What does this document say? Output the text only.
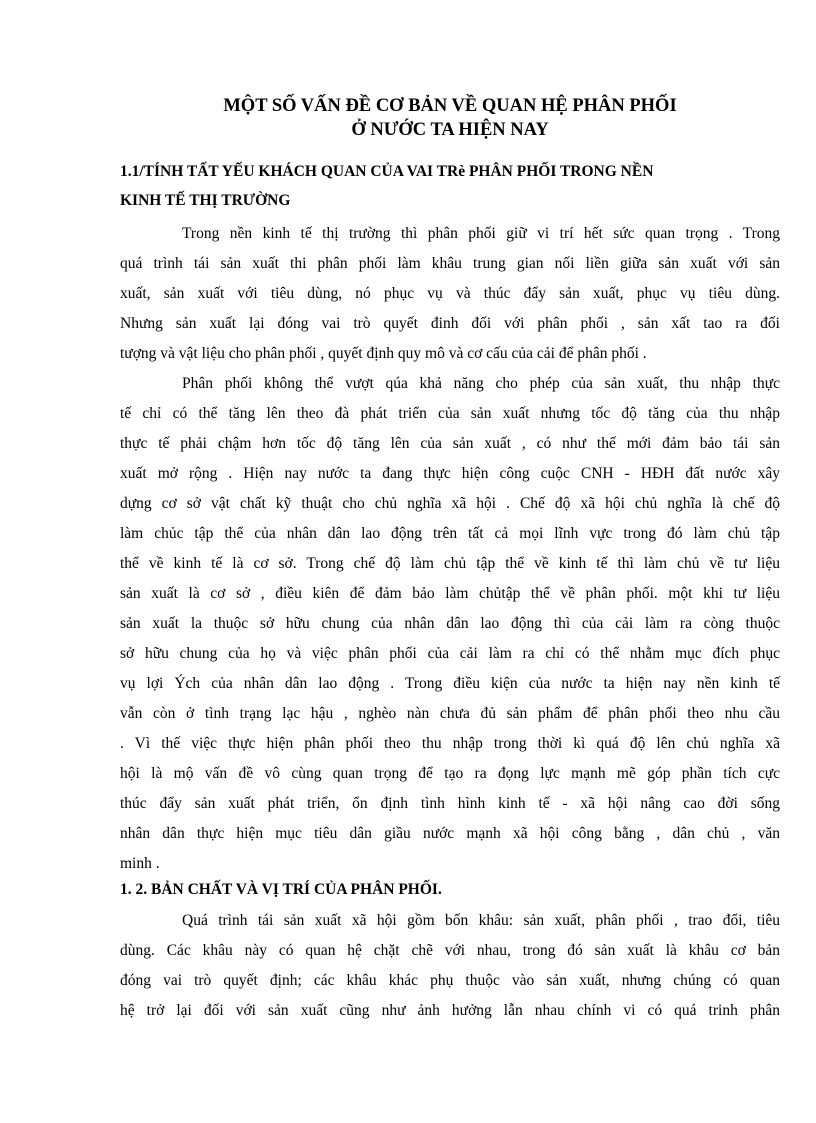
MỘT SỐ VẤN ĐỀ CƠ BẢN VỀ QUAN HỆ PHÂN PHỐI
Ở NƯỚC TA HIỆN NAY
1.1/TÍNH TẤT YẾU KHÁCH QUAN CỦA VAI TRè PHÂN PHỐI TRONG NỀN
KINH TẾ THỊ TRƯỜNG

Trong nền kinh tế thị trường thì phân phối giữ vi trí hết sức quan trọng . Trong

quá trình tái sản xuất thi phân phối làm khâu trung gian nối liền giữa sản xuất với sản

xuất, sản xuất với tiêu dùng, nó phục vụ và thúc đẩy sản xuất, phục vụ tiêu dùng.

Nhưng sản xuất lại đóng vai trò quyết đinh đối với phân phối , sản xất tao ra đối

tượng và vật liệu cho phân phối , quyết định quy mô và cơ cấu của cải để phân phối .

Phân phối không thể vượt qúa khả năng cho phép của sản xuất, thu nhập thực

tế chỉ có thể tăng lên theo đà phát triển của sản xuất nhưng tốc độ tăng của thu nhập

thực tế phải chậm hơn tốc độ tăng lên của sản xuất , có như thế mới đảm bảo tái sản

xuất mở rộng . Hiện nay nước ta đang thực hiện công cuộc CNH - HĐH đất nước xây

dựng cơ sở vật chất kỹ thuật cho chủ nghĩa xã hội . Chế độ xã hội chủ nghĩa là chế độ

làm chủc tập thể của nhân dân lao động trên tất cả mọi lĩnh vực trong đó làm chủ tập

thể về kinh tế là cơ sở. Trong chế độ làm chủ tập thể về kinh tế thì làm chủ về tư liệu

sản xuất là cơ sở , điều kiên để đảm bảo làm chủtập thể về phân phối. một khi tư liệu

sản xuất la thuộc sở hữu chung của nhân dân lao động thì của cải làm ra còng thuộc

sở hữu chung của họ và việc phân phối của cải làm ra chỉ có thể nhằm mục đích phục

vụ lợi Ých của nhân dân lao động . Trong điều kiện của nước ta hiện nay nền kinh tế

vẫn còn ở tình trạng lạc hậu , nghèo nàn chưa đủ sản phẩm để phân phối theo nhu cầu

. Vì thế việc thực hiện phân phối theo thu nhập trong thời kì quá độ lên chủ nghĩa xã

hội là mộ vấn đề vô cùng quan trọng để tạo ra đọng lực mạnh mẽ góp phần tích cực

thúc đẩy sản xuất phát triển, ổn định tình hình kinh tế - xã hội nâng cao đời sống

nhân dân thực hiện mục tiêu dân giầu nước mạnh xã hội công bằng , dân chủ , văn

minh .

1. 2. BẢN CHẤT VÀ VỊ TRÍ CỦA PHÂN PHỐI.

Quá trình tái sản xuất xã hội gồm bốn khâu: sản xuất, phân phối , trao đổi, tiêu

dùng. Các khâu này có quan hệ chặt chẽ với nhau, trong đó sản xuất là khâu cơ bản

đóng vai trò quyết định; các khâu khác phụ thuộc vào sản xuất, nhưng chúng có quan

hệ trở lại đối với sản xuất cũng như ảnh hưởng lẫn nhau chính vi có quá trinh phân
